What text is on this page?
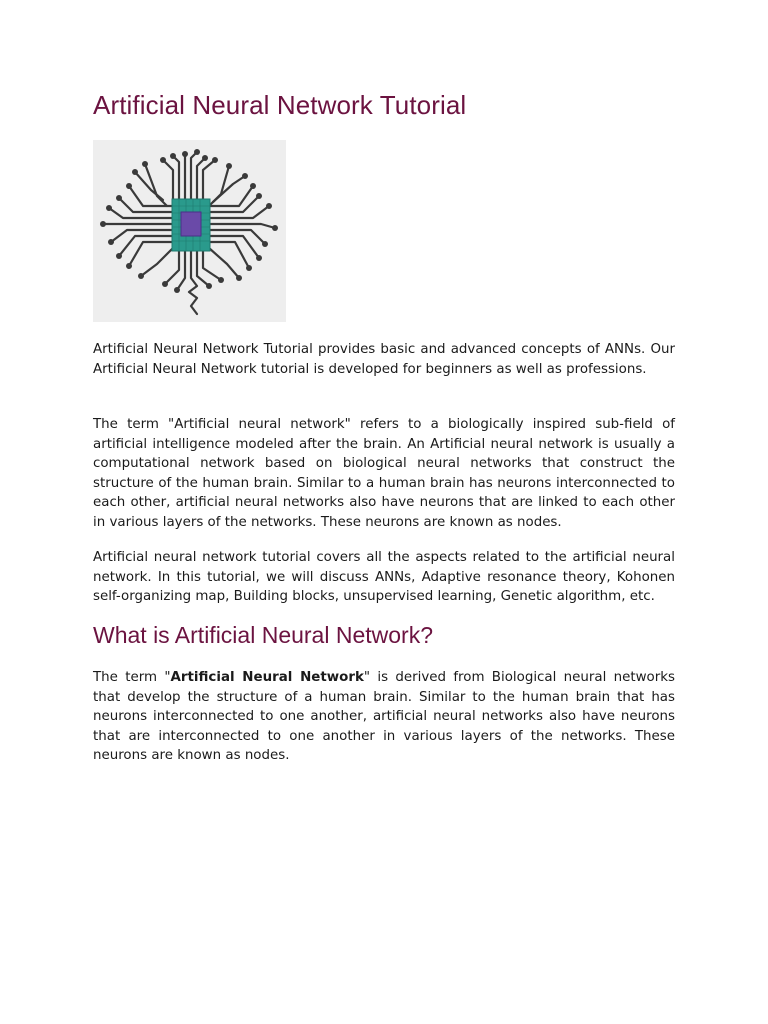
Artificial Neural Network Tutorial

Artificial Neural Network Tutorial provides basic and advanced concepts of ANNs. Our Artificial Neural Network tutorial is developed for beginners as well as professions.

The term "Artificial neural network" refers to a biologically inspired sub-field of artificial intelligence modeled after the brain. An Artificial neural network is usually a computational network based on biological neural networks that construct the structure of the human brain. Similar to a human brain has neurons interconnected to each other, artificial neural networks also have neurons that are linked to each other in various layers of the networks. These neurons are known as nodes.

Artificial neural network tutorial covers all the aspects related to the artificial neural network. In this tutorial, we will discuss ANNs, Adaptive resonance theory, Kohonen self-organizing map, Building blocks, unsupervised learning, Genetic algorithm, etc.

What is Artificial Neural Network?

The term "Artificial Neural Network" is derived from Biological neural networks that develop the structure of a human brain. Similar to the human brain that has neurons interconnected to one another, artificial neural networks also have neurons that are interconnected to one another in various layers of the networks. These neurons are known as nodes.
